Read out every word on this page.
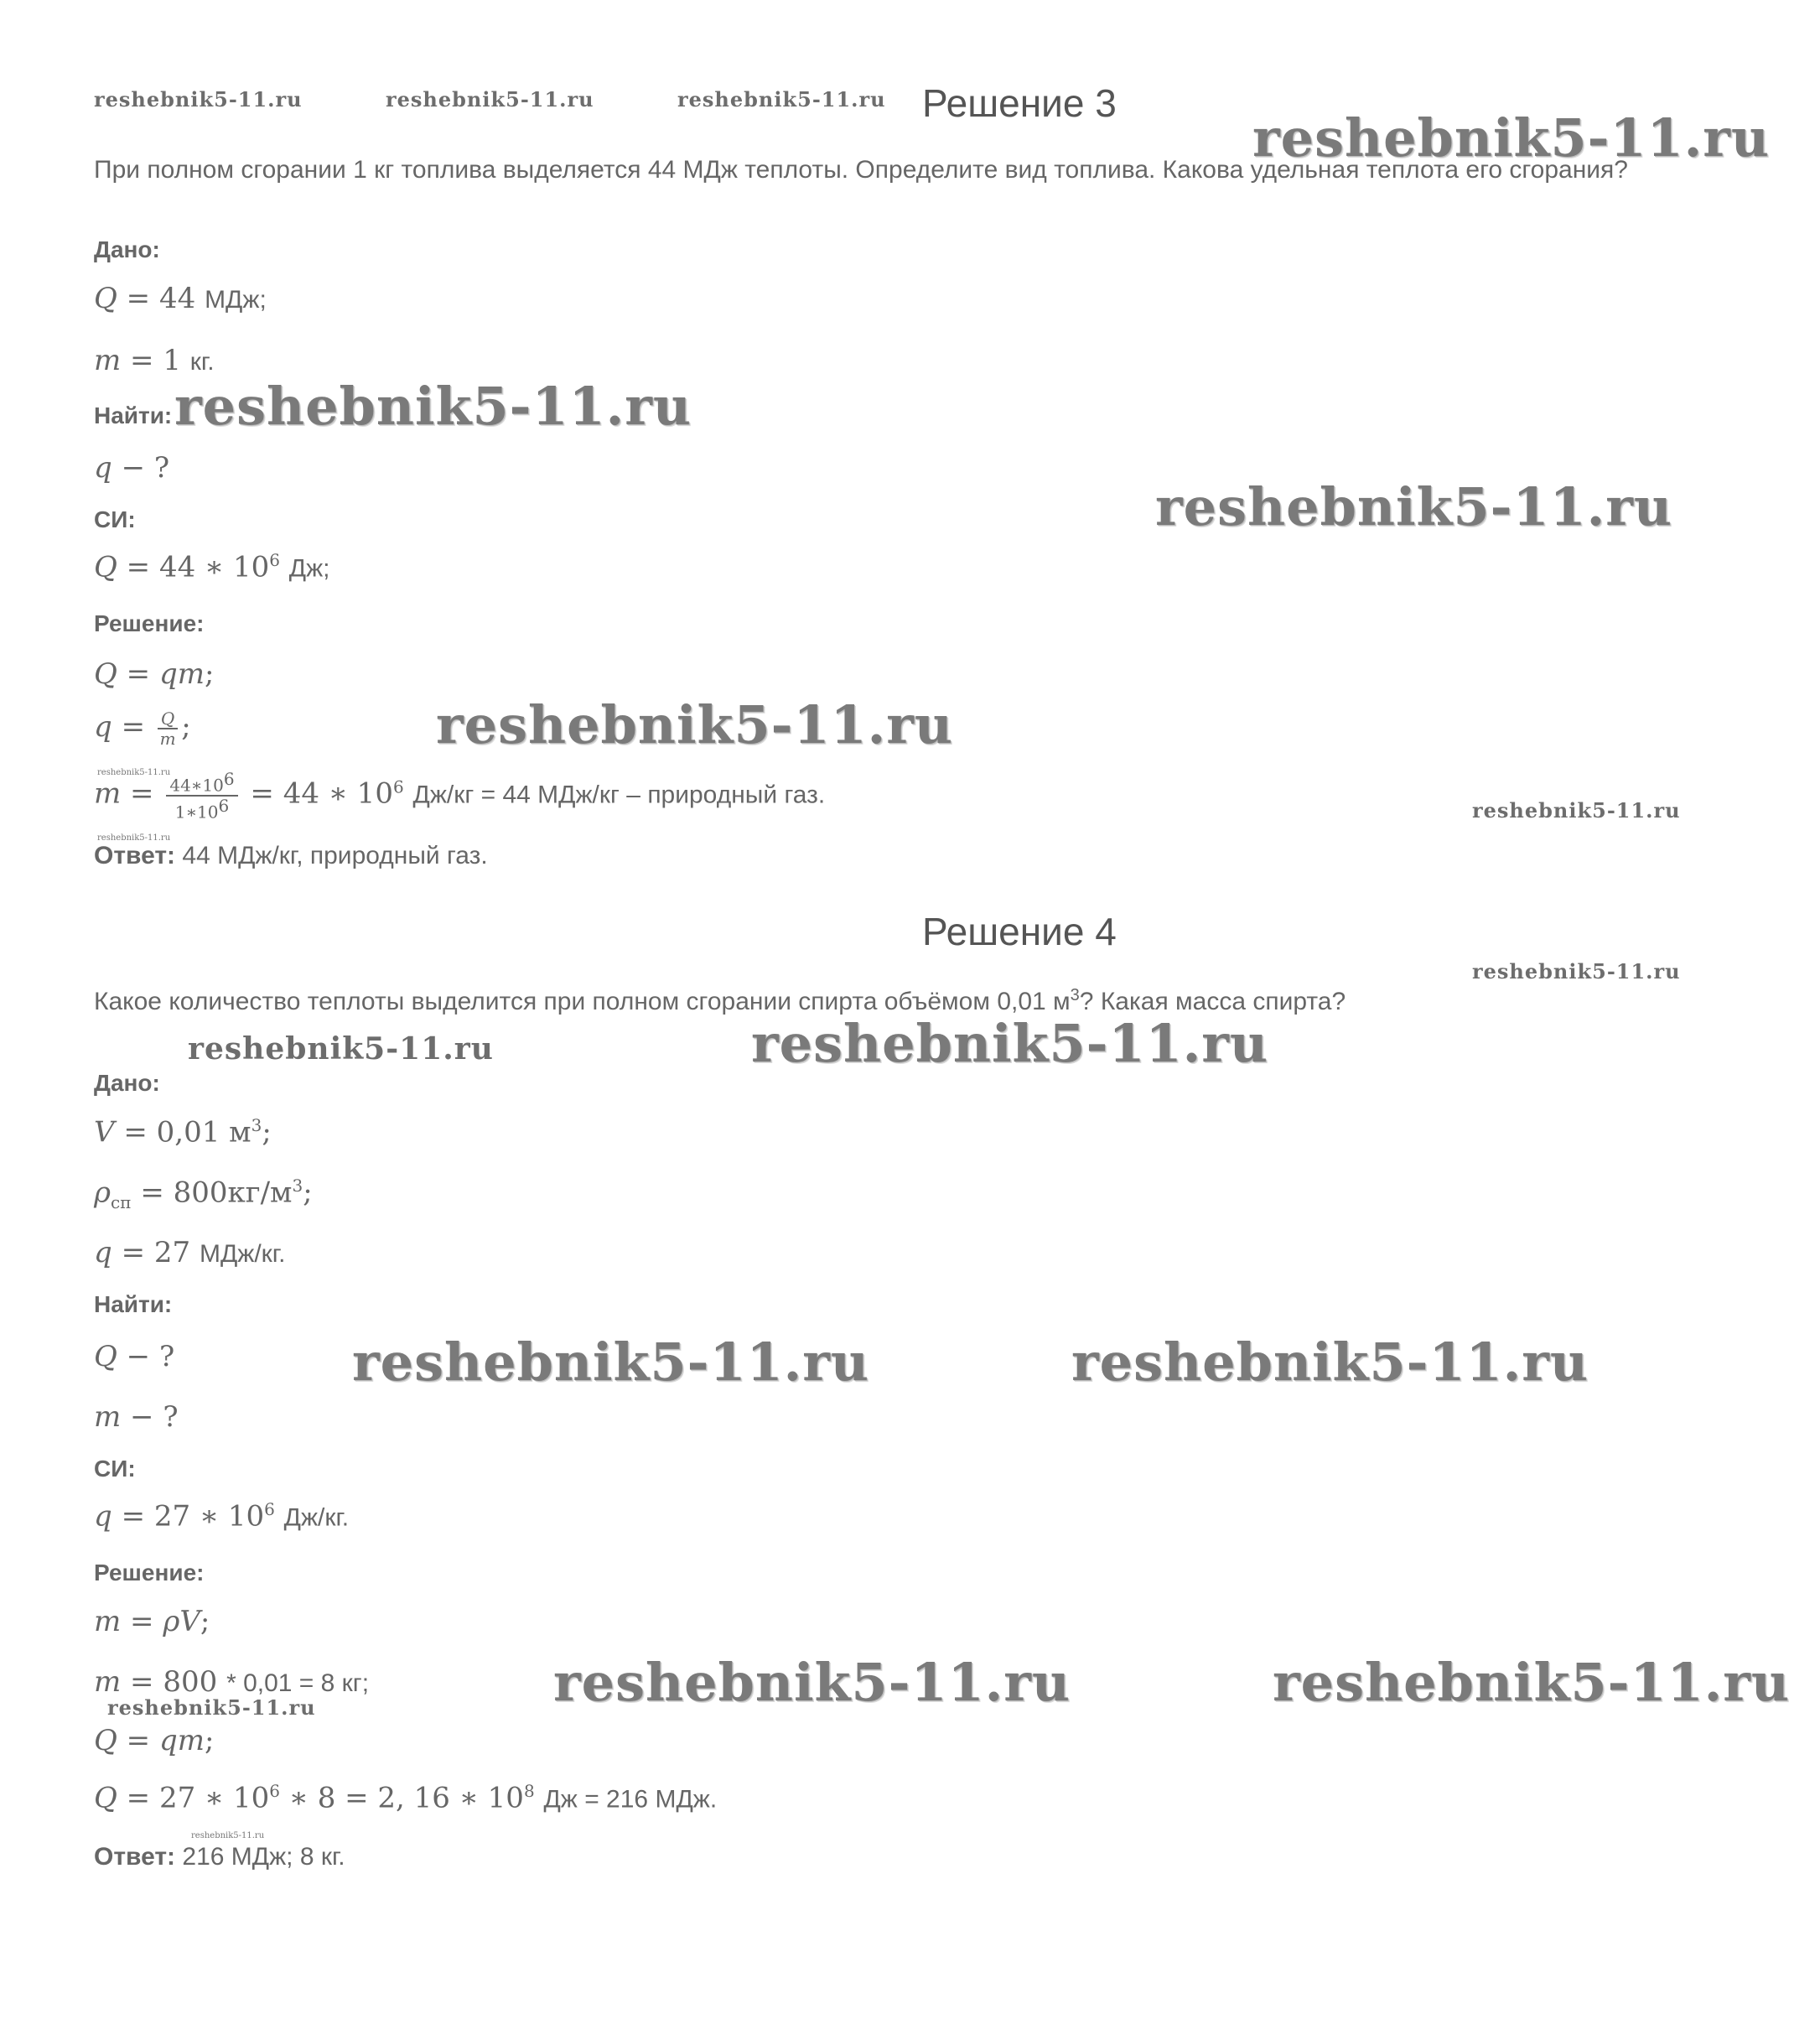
reshebnik5-11.ru	reshebnik5-11.ru	reshebnik5-11.ru
reshebnik5-11.ru
reshebnik5-11.ru
reshebnik5-11.ru
reshebnik5-11.ru
reshebnik5-11.ru
reshebnik5-11.ru
reshebnik5-11.ru
reshebnik5-11.ru
reshebnik5-11.ru	reshebnik5-11.ru
reshebnik5-11.ru	reshebnik5-11.ru
reshebnik5-11.ru	reshebnik5-11.ru
reshebnik5-11.ru
reshebnik5-11.ru
Решение 3
При полном сгорании 1 кг топлива выделяется 44 МДж теплоты. Определите вид топлива. Какова удельная теплота его сгорания?
Дано:
Q = 44 МДж;
m = 1 кг.
Найти:
q − ?
СИ:
Q = 44 ∗ $10^6$ Дж;
Решение:
Q = qm;
$q = \frac{Q}{m}$ ;
$m = \frac{44∗10^6}{1∗10^6} = 44$ ∗ $10^6$ Дж/кг = 44 МДж/кг – природный газ.
Ответ: 44 МДж/кг, природный газ.
Решение 4
Какое количество теплоты выделится при полном сгорании спирта объёмом 0,01 $м^3$? Какая масса спирта?
Дано:
V = 0,01 $м^3$;
$\rho_{сп} = 800кг/м^3$;
q = 27 МДж/кг.
Найти:
Q − ?
m − ?
СИ:
q = 27 ∗ $10^6$ Дж/кг.
Решение:
m = ρV;
m = 800 * 0,01 = 8 кг;
Q = qm;
Q = 27 ∗ $10^6$ ∗ 8 = 2, 16 ∗ $10^8$ Дж = 216 МДж.
Ответ: 216 МДж; 8 кг.
